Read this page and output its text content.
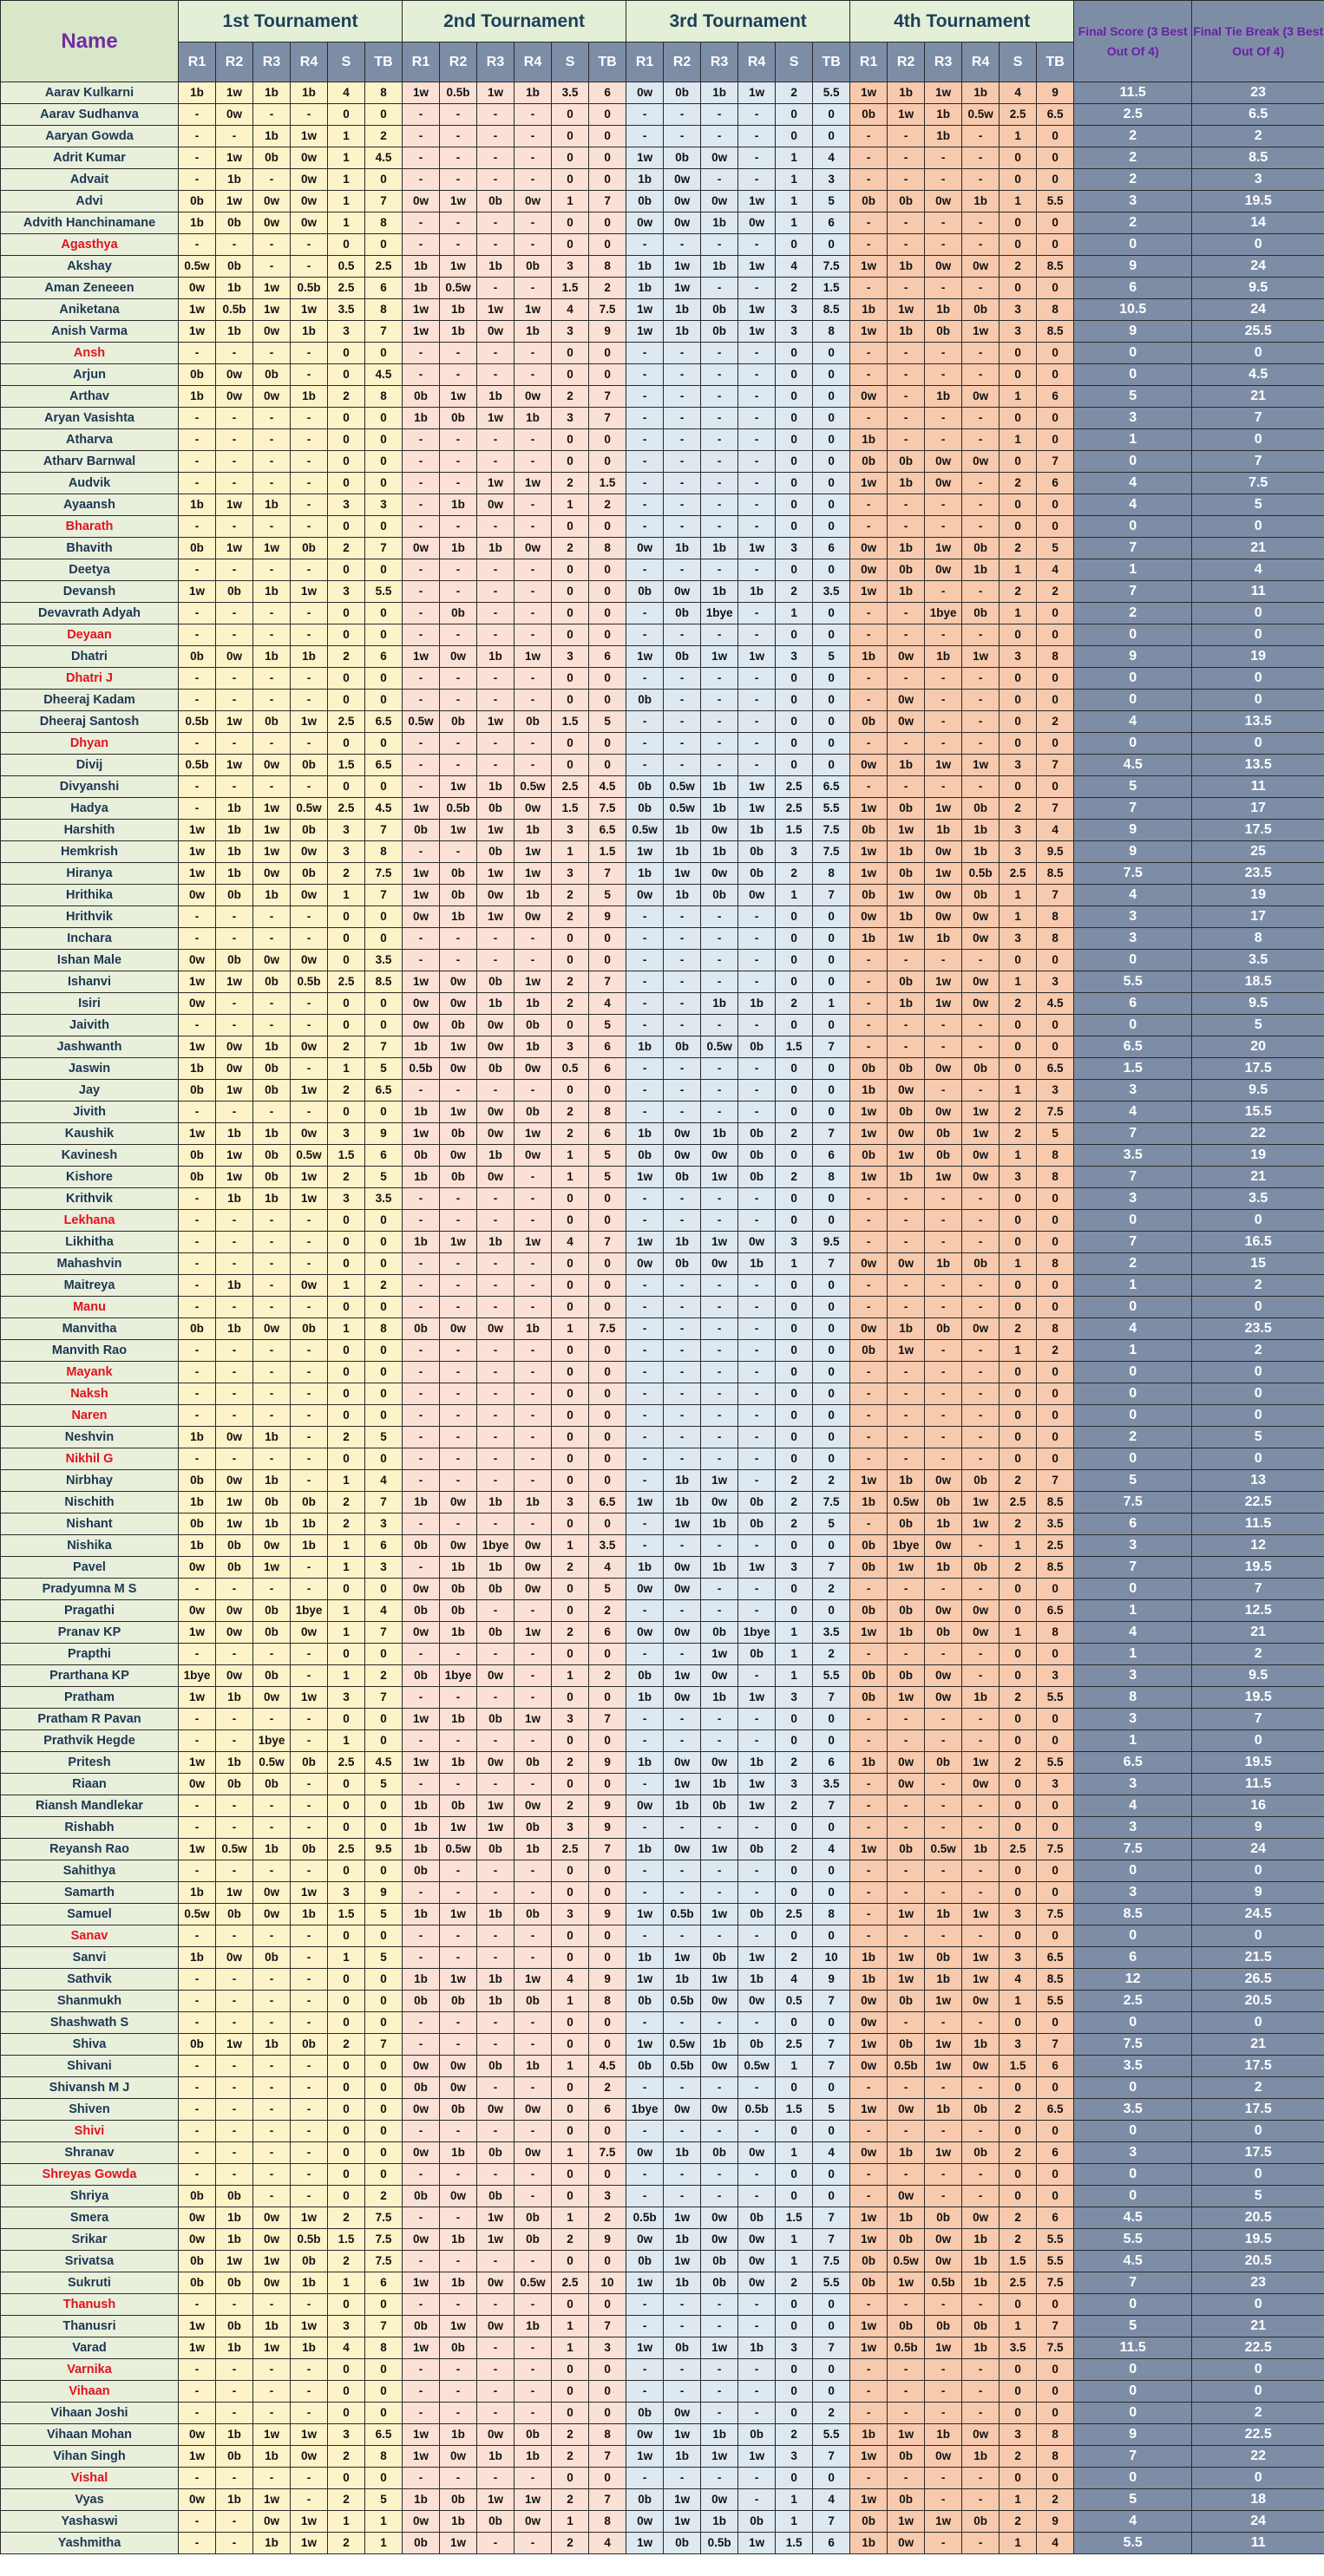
Name	1st Tournament						2nd Tournament						3rd Tournament						4th Tournament						Final Score (3 Best Out Of 4)	Final Tie Break (3 Best Out Of 4)
	R1	R2	R3	R4	S	TB	R1	R2	R3	R4	S	TB	R1	R2	R3	R4	S	TB	R1	R2	R3	R4	S	TB		
Aarav Kulkarni	1b	1w	1b	1b	4	8	1w	0.5b	1w	1b	3.5	6	0w	0b	1b	1w	2	5.5	1w	1b	1w	1b	4	9	11.5	23
Aarav Sudhanva	-	0w	-	-	0	0	-	-	-	-	0	0	-	-	-	-	0	0	0b	1w	1b	0.5w	2.5	6.5	2.5	6.5
Aaryan Gowda	-	-	1b	1w	1	2	-	-	-	-	0	0	-	-	-	-	0	0	-	-	1b	-	1	0	2	2
Adrit Kumar	-	1w	0b	0w	1	4.5	-	-	-	-	0	0	1w	0b	0w	-	1	4	-	-	-	-	0	0	2	8.5
Advait	-	1b	-	0w	1	0	-	-	-	-	0	0	1b	0w	-	-	1	3	-	-	-	-	0	0	2	3
Advi	0b	1w	0w	0w	1	7	0w	1w	0b	0w	1	7	0b	0w	0w	1w	1	5	0b	0b	0w	1b	1	5.5	3	19.5
Advith Hanchinamane	1b	0b	0w	0w	1	8	-	-	-	-	0	0	0w	0w	1b	0w	1	6	-	-	-	-	0	0	2	14
Agasthya	-	-	-	-	0	0	-	-	-	-	0	0	-	-	-	-	0	0	-	-	-	-	0	0	0	0
Akshay	0.5w	0b	-	-	0.5	2.5	1b	1w	1b	0b	3	8	1b	1w	1b	1w	4	7.5	1w	1b	0w	0w	2	8.5	9	24
Aman Zeneeen	0w	1b	1w	0.5b	2.5	6	1b	0.5w	-	-	1.5	2	1b	1w	-	-	2	1.5	-	-	-	-	0	0	6	9.5
Aniketana	1w	0.5b	1w	1w	3.5	8	1w	1b	1w	1w	4	7.5	1w	1b	0b	1w	3	8.5	1b	1w	1b	0b	3	8	10.5	24
Anish Varma	1w	1b	0w	1b	3	7	1w	1b	0w	1b	3	9	1w	1b	0b	1w	3	8	1w	1b	0b	1w	3	8.5	9	25.5
Ansh	-	-	-	-	0	0	-	-	-	-	0	0	-	-	-	-	0	0	-	-	-	-	0	0	0	0
Arjun	0b	0w	0b	-	0	4.5	-	-	-	-	0	0	-	-	-	-	0	0	-	-	-	-	0	0	0	4.5
Arthav	1b	0w	0w	1b	2	8	0b	1w	1b	0w	2	7	-	-	-	-	0	0	0w	-	1b	0w	1	6	5	21
Aryan Vasishta	-	-	-	-	0	0	1b	0b	1w	1b	3	7	-	-	-	-	0	0	-	-	-	-	0	0	3	7
Atharva	-	-	-	-	0	0	-	-	-	-	0	0	-	-	-	-	0	0	1b	-	-	-	1	0	1	0
Atharv Barnwal	-	-	-	-	0	0	-	-	-	-	0	0	-	-	-	-	0	0	0b	0b	0w	0w	0	7	0	7
Audvik	-	-	-	-	0	0	-	-	1w	1w	2	1.5	-	-	-	-	0	0	1w	1b	0w	-	2	6	4	7.5
Ayaansh	1b	1w	1b	-	3	3	-	1b	0w	-	1	2	-	-	-	-	0	0	-	-	-	-	0	0	4	5
Bharath	-	-	-	-	0	0	-	-	-	-	0	0	-	-	-	-	0	0	-	-	-	-	0	0	0	0
Bhavith	0b	1w	1w	0b	2	7	0w	1b	1b	0w	2	8	0w	1b	1b	1w	3	6	0w	1b	1w	0b	2	5	7	21
Deetya	-	-	-	-	0	0	-	-	-	-	0	0	-	-	-	-	0	0	0w	0b	0w	1b	1	4	1	4
Devansh	1w	0b	1b	1w	3	5.5	-	-	-	-	0	0	0b	0w	1b	1b	2	3.5	1w	1b	-	-	2	2	7	11
Devavrath Adyah	-	-	-	-	0	0	-	0b	-	-	0	0	-	0b	1bye	-	1	0	-	-	1bye	0b	1	0	2	0
Deyaan	-	-	-	-	0	0	-	-	-	-	0	0	-	-	-	-	0	0	-	-	-	-	0	0	0	0
Dhatri	0b	0w	1b	1b	2	6	1w	0w	1b	1w	3	6	1w	0b	1w	1w	3	5	1b	0w	1b	1w	3	8	9	19
Dhatri J	-	-	-	-	0	0	-	-	-	-	0	0	-	-	-	-	0	0	-	-	-	-	0	0	0	0
Dheeraj Kadam	-	-	-	-	0	0	-	-	-	-	0	0	0b	-	-	-	0	0	-	0w	-	-	0	0	0	0
Dheeraj Santosh	0.5b	1w	0b	1w	2.5	6.5	0.5w	0b	1w	0b	1.5	5	-	-	-	-	0	0	0b	0w	-	-	0	2	4	13.5
Dhyan	-	-	-	-	0	0	-	-	-	-	0	0	-	-	-	-	0	0	-	-	-	-	0	0	0	0
Divij	0.5b	1w	0w	0b	1.5	6.5	-	-	-	-	0	0	-	-	-	-	0	0	0w	1b	1w	1w	3	7	4.5	13.5
Divyanshi	-	-	-	-	0	0	-	1w	1b	0.5w	2.5	4.5	0b	0.5w	1b	1w	2.5	6.5	-	-	-	-	0	0	5	11
Hadya	-	1b	1w	0.5w	2.5	4.5	1w	0.5b	0b	0w	1.5	7.5	0b	0.5w	1b	1w	2.5	5.5	1w	0b	1w	0b	2	7	7	17
Harshith	1w	1b	1w	0b	3	7	0b	1w	1w	1b	3	6.5	0.5w	1b	0w	1b	1.5	7.5	0b	1w	1b	1b	3	4	9	17.5
Hemkrish	1w	1b	1w	0w	3	8	-	-	0b	1w	1	1.5	1w	1b	1b	0b	3	7.5	1w	1b	0w	1b	3	9.5	9	25
Hiranya	1w	1b	0w	0b	2	7.5	1w	0b	1w	1w	3	7	1b	1w	0w	0b	2	8	1w	0b	1w	0.5b	2.5	8.5	7.5	23.5
Hrithika	0w	0b	1b	0w	1	7	1w	0b	0w	1b	2	5	0w	1b	0b	0w	1	7	0b	1w	0w	0b	1	7	4	19
Hrithvik	-	-	-	-	0	0	0w	1b	1w	0w	2	9	-	-	-	-	0	0	0w	1b	0w	0w	1	8	3	17
Inchara	-	-	-	-	0	0	-	-	-	-	0	0	-	-	-	-	0	0	1b	1w	1b	0w	3	8	3	8
Ishan Male	0w	0b	0w	0w	0	3.5	-	-	-	-	0	0	-	-	-	-	0	0	-	-	-	-	0	0	0	3.5
Ishanvi	1w	1w	0b	0.5b	2.5	8.5	1w	0w	0b	1w	2	7	-	-	-	-	0	0	-	0b	1w	0w	1	3	5.5	18.5
Isiri	0w	-	-	-	0	0	0w	0w	1b	1b	2	4	-	-	1b	1b	2	1	-	1b	1w	0w	2	4.5	6	9.5
Jaivith	-	-	-	-	0	0	0w	0b	0w	0b	0	5	-	-	-	-	0	0	-	-	-	-	0	0	0	5
Jashwanth	1w	0w	1b	0w	2	7	1b	1w	0w	1b	3	6	1b	0b	0.5w	0b	1.5	7	-	-	-	-	0	0	6.5	20
Jaswin	1b	0w	0b	-	1	5	0.5b	0w	0b	0w	0.5	6	-	-	-	-	0	0	0b	0b	0w	0b	0	6.5	1.5	17.5
Jay	0b	1w	0b	1w	2	6.5	-	-	-	-	0	0	-	-	-	-	0	0	1b	0w	-	-	1	3	3	9.5
Jivith	-	-	-	-	0	0	1b	1w	0w	0b	2	8	-	-	-	-	0	0	1w	0b	0w	1w	2	7.5	4	15.5
Kaushik	1w	1b	1b	0w	3	9	1w	0b	0w	1w	2	6	1b	0w	1b	0b	2	7	1w	0w	0b	1w	2	5	7	22
Kavinesh	0b	1w	0b	0.5w	1.5	6	0b	0w	1b	0w	1	5	0b	0w	0w	0b	0	6	0b	1w	0b	0w	1	8	3.5	19
Kishore	0b	1w	0b	1w	2	5	1b	0b	0w	-	1	5	1w	0b	1w	0b	2	8	1w	1b	1w	0w	3	8	7	21
Krithvik	-	1b	1b	1w	3	3.5	-	-	-	-	0	0	-	-	-	-	0	0	-	-	-	-	0	0	3	3.5
Lekhana	-	-	-	-	0	0	-	-	-	-	0	0	-	-	-	-	0	0	-	-	-	-	0	0	0	0
Likhitha	-	-	-	-	0	0	1b	1w	1b	1w	4	7	1w	1b	1w	0w	3	9.5	-	-	-	-	0	0	7	16.5
Mahashvin	-	-	-	-	0	0	-	-	-	-	0	0	0w	0b	0w	1b	1	7	0w	0w	1b	0b	1	8	2	15
Maitreya	-	1b	-	0w	1	2	-	-	-	-	0	0	-	-	-	-	0	0	-	-	-	-	0	0	1	2
Manu	-	-	-	-	0	0	-	-	-	-	0	0	-	-	-	-	0	0	-	-	-	-	0	0	0	0
Manvitha	0b	1b	0w	0b	1	8	0b	0w	0w	1b	1	7.5	-	-	-	-	0	0	0w	1b	0b	0w	2	8	4	23.5
Manvith Rao	-	-	-	-	0	0	-	-	-	-	0	0	-	-	-	-	0	0	0b	1w	-	-	1	2	1	2
Mayank	-	-	-	-	0	0	-	-	-	-	0	0	-	-	-	-	0	0	-	-	-	-	0	0	0	0
Naksh	-	-	-	-	0	0	-	-	-	-	0	0	-	-	-	-	0	0	-	-	-	-	0	0	0	0
Naren	-	-	-	-	0	0	-	-	-	-	0	0	-	-	-	-	0	0	-	-	-	-	0	0	0	0
Neshvin	1b	0w	1b	-	2	5	-	-	-	-	0	0	-	-	-	-	0	0	-	-	-	-	0	0	2	5
Nikhil G	-	-	-	-	0	0	-	-	-	-	0	0	-	-	-	-	0	0	-	-	-	-	0	0	0	0
Nirbhay	0b	0w	1b	-	1	4	-	-	-	-	0	0	-	1b	1w	-	2	2	1w	1b	0w	0b	2	7	5	13
Nischith	1b	1w	0b	0b	2	7	1b	0w	1b	1b	3	6.5	1w	1b	0w	0b	2	7.5	1b	0.5w	0b	1w	2.5	8.5	7.5	22.5
Nishant	0b	1w	1b	1b	2	3	-	-	-	-	0	0	-	1w	1b	0b	2	5	-	0b	1b	1w	2	3.5	6	11.5
Nishika	1b	0b	0w	1b	1	6	0b	0w	1bye	0w	1	3.5	-	-	-	-	0	0	0b	1bye	0w	-	1	2.5	3	12
Pavel	0w	0b	1w	-	1	3	-	1b	1b	0w	2	4	1b	0w	1b	1w	3	7	0b	1w	1b	0b	2	8.5	7	19.5
Pradyumna M S	-	-	-	-	0	0	0w	0b	0b	0w	0	5	0w	0w	-	-	0	2	-	-	-	-	0	0	0	7
Pragathi	0w	0w	0b	1bye	1	4	0b	0b	-	-	0	2	-	-	-	-	0	0	0b	0b	0w	0w	0	6.5	1	12.5
Pranav KP	1w	0w	0b	0w	1	7	0w	1b	0b	1w	2	6	0w	0w	0b	1bye	1	3.5	1w	1b	0b	0w	1	8	4	21
Prapthi	-	-	-	-	0	0	-	-	-	-	0	0	-	-	1w	0b	1	2	-	-	-	-	0	0	1	2
Prarthana KP	1bye	0w	0b	-	1	2	0b	1bye	0w	-	1	2	0b	1w	0w	-	1	5.5	0b	0b	0w	-	0	3	3	9.5
Pratham	1w	1b	0w	1w	3	7	-	-	-	-	0	0	1b	0w	1b	1w	3	7	0b	1w	0w	1b	2	5.5	8	19.5
Pratham R Pavan	-	-	-	-	0	0	1w	1b	0b	1w	3	7	-	-	-	-	0	0	-	-	-	-	0	0	3	7
Prathvik Hegde	-	-	1bye	-	1	0	-	-	-	-	0	0	-	-	-	-	0	0	-	-	-	-	0	0	1	0
Pritesh	1w	1b	0.5w	0b	2.5	4.5	1w	1b	0w	0b	2	9	1b	0w	0w	1b	2	6	1b	0w	0b	1w	2	5.5	6.5	19.5
Riaan	0w	0b	0b	-	0	5	-	-	-	-	0	0	-	1w	1b	1w	3	3.5	-	0w	-	0w	0	3	3	11.5
Riansh Mandlekar	-	-	-	-	0	0	1b	0b	1w	0w	2	9	0w	1b	0b	1w	2	7	-	-	-	-	0	0	4	16
Rishabh	-	-	-	-	0	0	1b	1w	1w	0b	3	9	-	-	-	-	0	0	-	-	-	-	0	0	3	9
Reyansh Rao	1w	0.5w	1b	0b	2.5	9.5	1b	0.5w	0b	1b	2.5	7	1b	0w	1w	0b	2	4	1w	0b	0.5w	1b	2.5	7.5	7.5	24
Sahithya	-	-	-	-	0	0	0b	-	-	-	0	0	-	-	-	-	0	0	-	-	-	-	0	0	0	0
Samarth	1b	1w	0w	1w	3	9	-	-	-	-	0	0	-	-	-	-	0	0	-	-	-	-	0	0	3	9
Samuel	0.5w	0b	0w	1b	1.5	5	1b	1w	1b	0b	3	9	1w	0.5b	1w	0b	2.5	8	-	1w	1b	1w	3	7.5	8.5	24.5
Sanav	-	-	-	-	0	0	-	-	-	-	0	0	-	-	-	-	0	0	-	-	-	-	0	0	0	0
Sanvi	1b	0w	0b	-	1	5	-	-	-	-	0	0	1b	1w	0b	1w	2	10	1b	1w	0b	1w	3	6.5	6	21.5
Sathvik	-	-	-	-	0	0	1b	1w	1b	1w	4	9	1w	1b	1w	1b	4	9	1b	1w	1b	1w	4	8.5	12	26.5
Shanmukh	-	-	-	-	0	0	0b	0b	1b	0b	1	8	0b	0.5b	0w	0w	0.5	7	0w	0b	1w	0w	1	5.5	2.5	20.5
Shashwath S	-	-	-	-	0	0	-	-	-	-	0	0	-	-	-	-	0	0	0w	-	-	-	0	0	0	0
Shiva	0b	1w	1b	0b	2	7	-	-	-	-	0	0	1w	0.5w	1b	0b	2.5	7	1w	0b	1w	1b	3	7	7.5	21
Shivani	-	-	-	-	0	0	0w	0w	0b	1b	1	4.5	0b	0.5b	0w	0.5w	1	7	0w	0.5b	1w	0w	1.5	6	3.5	17.5
Shivansh M J	-	-	-	-	0	0	0b	0w	-	-	0	2	-	-	-	-	0	0	-	-	-	-	0	0	0	2
Shiven	-	-	-	-	0	0	0w	0b	0w	0w	0	6	1bye	0w	0w	0.5b	1.5	5	1w	0w	1b	0b	2	6.5	3.5	17.5
Shivi	-	-	-	-	0	0	-	-	-	-	0	0	-	-	-	-	0	0	-	-	-	-	0	0	0	0
Shranav	-	-	-	-	0	0	0w	1b	0b	0w	1	7.5	0w	1b	0b	0w	1	4	0w	1b	1w	0b	2	6	3	17.5
Shreyas Gowda	-	-	-	-	0	0	-	-	-	-	0	0	-	-	-	-	0	0	-	-	-	-	0	0	0	0
Shriya	0b	0b	-	-	0	2	0b	0w	0b	-	0	3	-	-	-	-	0	0	-	0w	-	-	0	0	0	5
Smera	0w	1b	0w	1w	2	7.5	-	-	1w	0b	1	2	0.5b	1w	0w	0b	1.5	7	1w	1b	0b	0w	2	6	4.5	20.5
Srikar	0w	1b	0w	0.5b	1.5	7.5	0w	1b	1w	0b	2	9	0w	1b	0w	0w	1	7	1w	0b	0w	1b	2	5.5	5.5	19.5
Srivatsa	0b	1w	1w	0b	2	7.5	-	-	-	-	0	0	0b	1w	0b	0w	1	7.5	0b	0.5w	0w	1b	1.5	5.5	4.5	20.5
Sukruti	0b	0b	0w	1b	1	6	1w	1b	0w	0.5w	2.5	10	1w	1b	0b	0w	2	5.5	0b	1w	0.5b	1b	2.5	7.5	7	23
Thanush	-	-	-	-	0	0	-	-	-	-	0	0	-	-	-	-	0	0	-	-	-	-	0	0	0	0
Thanusri	1w	0b	1b	1w	3	7	0b	1w	0w	1b	1	7	-	-	-	-	0	0	1w	0b	0b	0b	1	7	5	21
Varad	1w	1b	1w	1b	4	8	1w	0b	-	-	1	3	1w	0b	1w	1b	3	7	1w	0.5b	1w	1b	3.5	7.5	11.5	22.5
Varnika	-	-	-	-	0	0	-	-	-	-	0	0	-	-	-	-	0	0	-	-	-	-	0	0	0	0
Vihaan	-	-	-	-	0	0	-	-	-	-	0	0	-	-	-	-	0	0	-	-	-	-	0	0	0	0
Vihaan Joshi	-	-	-	-	0	0	-	-	-	-	0	0	0b	0w	-	-	0	2	-	-	-	-	0	0	0	2
Vihaan Mohan	0w	1b	1w	1w	3	6.5	1w	1b	0w	0b	2	8	0w	1w	1b	0b	2	5.5	1b	1w	1b	0w	3	8	9	22.5
Vihan Singh	1w	0b	1b	0w	2	8	1w	0w	1b	1b	2	7	1w	1b	1w	1w	3	7	1w	0b	0w	1b	2	8	7	22
Vishal	-	-	-	-	0	0	-	-	-	-	0	0	-	-	-	-	0	0	-	-	-	-	0	0	0	0
Vyas	0w	1b	1w	-	2	5	1b	0b	1w	1w	2	7	0b	1w	0w	-	1	4	1w	0b	-	-	1	2	5	18
Yashaswi	-	-	0w	1w	1	1	0w	1b	0b	0w	1	8	0w	1w	1b	0b	1	7	0b	1w	1w	0b	2	9	4	24
Yashmitha	-	-	1b	1w	2	1	0b	1w	-	-	2	4	1w	0b	0.5b	1w	1.5	6	1b	0w	-	-	1	4	5.5	11
